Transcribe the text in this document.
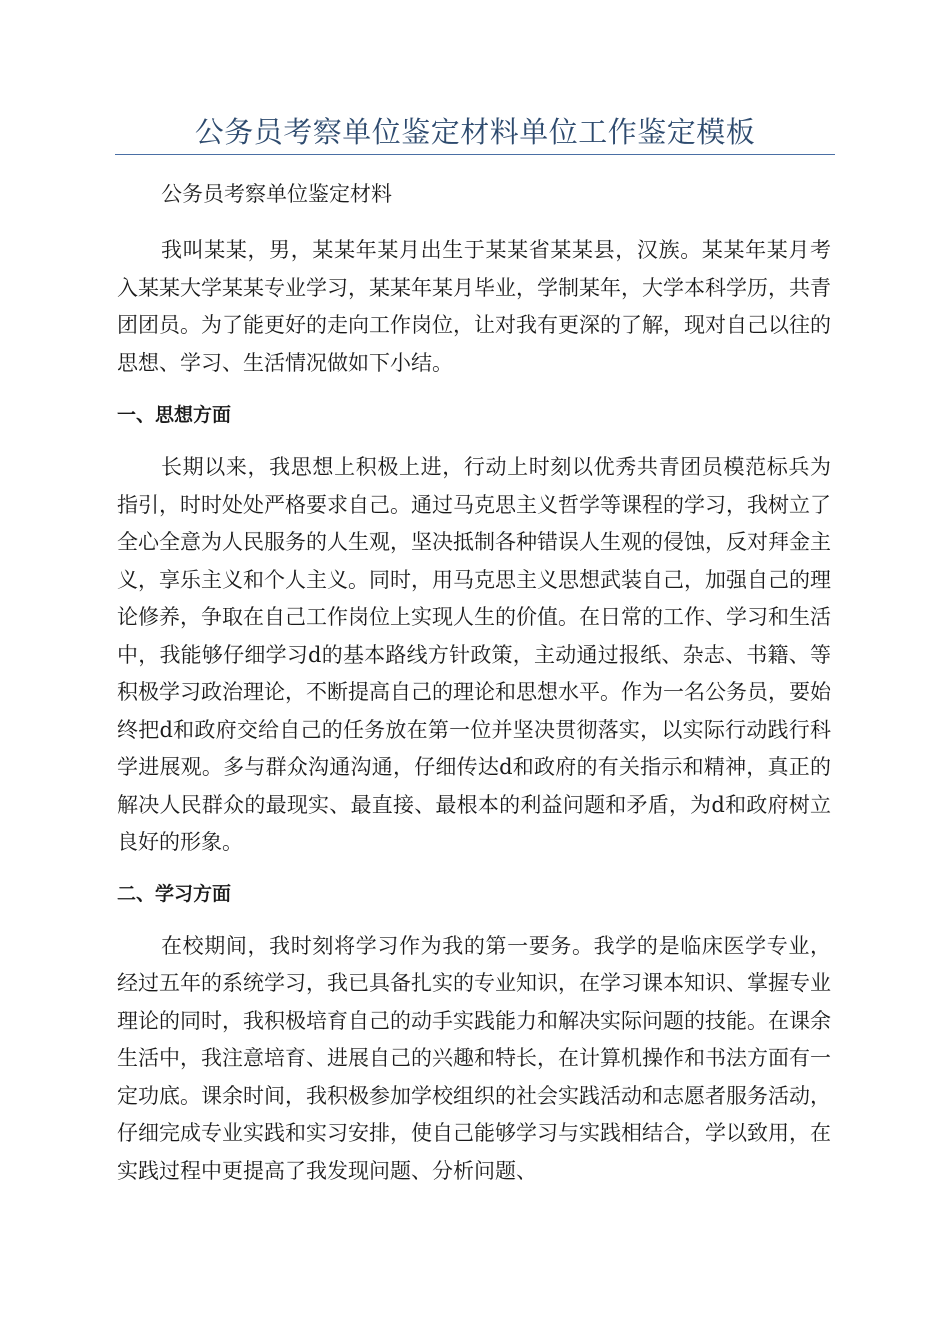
公务员考察单位鉴定材料单位工作鉴定模板

公务员考察单位鉴定材料

我叫某某，男，某某年某月出生于某某省某某县，汉族。某某年某月考入某某大学某某专业学习，某某年某月毕业，学制某年，大学本科学历，共青团团员。为了能更好的走向工作岗位，让对我有更深的了解，现对自己以往的思想、学习、生活情况做如下小结。

一、思想方面

长期以来，我思想上积极上进，行动上时刻以优秀共青团员模范标兵为指引，时时处处严格要求自己。通过马克思主义哲学等课程的学习，我树立了全心全意为人民服务的人生观，坚决抵制各种错误人生观的侵蚀，反对拜金主义，享乐主义和个人主义。同时，用马克思主义思想武装自己，加强自己的理论修养，争取在自己工作岗位上实现人生的价值。在日常的工作、学习和生活中，我能够仔细学习d的基本路线方针政策，主动通过报纸、杂志、书籍、等积极学习政治理论，不断提高自己的理论和思想水平。作为一名公务员，要始终把d和政府交给自己的任务放在第一位并坚决贯彻落实，以实际行动践行科学进展观。多与群众沟通沟通，仔细传达d和政府的有关指示和精神，真正的解决人民群众的最现实、最直接、最根本的利益问题和矛盾，为d和政府树立良好的形象。

二、学习方面

在校期间，我时刻将学习作为我的第一要务。我学的是临床医学专业，经过五年的系统学习，我已具备扎实的专业知识，在学习课本知识、掌握专业理论的同时，我积极培育自己的动手实践能力和解决实际问题的技能。在课余生活中，我注意培育、进展自己的兴趣和特长，在计算机操作和书法方面有一定功底。课余时间，我积极参加学校组织的社会实践活动和志愿者服务活动，仔细完成专业实践和实习安排，使自己能够学习与实践相结合，学以致用，在实践过程中更提高了我发现问题、分析问题、
